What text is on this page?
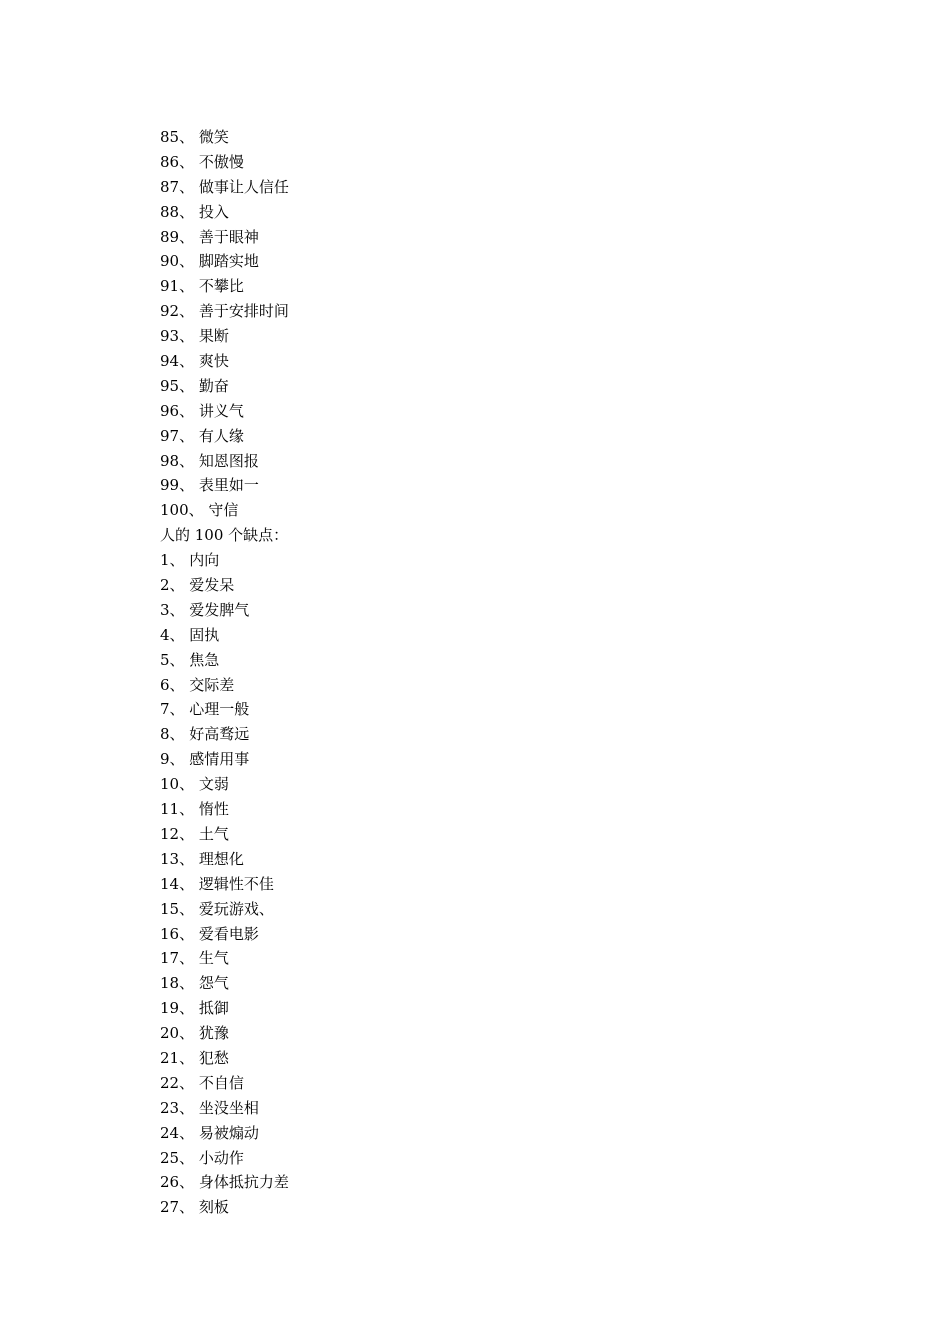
85、 微笑
86、 不傲慢
87、 做事让人信任
88、 投入
89、 善于眼神
90、 脚踏实地
91、 不攀比
92、 善于安排时间
93、 果断
94、 爽快
95、 勤奋
96、 讲义气
97、 有人缘
98、 知恩图报
99、 表里如一
100、 守信
人的 100 个缺点：
1、 内向
2、 爱发呆
3、 爱发脾气
4、 固执
5、 焦急
6、 交际差
7、 心理一般
8、 好高骛远
9、 感情用事
10、 文弱
11、 惰性
12、 土气
13、 理想化
14、 逻辑性不佳
15、 爱玩游戏、
16、 爱看电影
17、 生气
18、 怨气
19、 抵御
20、 犹豫
21、 犯愁
22、 不自信
23、 坐没坐相
24、 易被煽动
25、 小动作
26、 身体抵抗力差
27、 刻板
